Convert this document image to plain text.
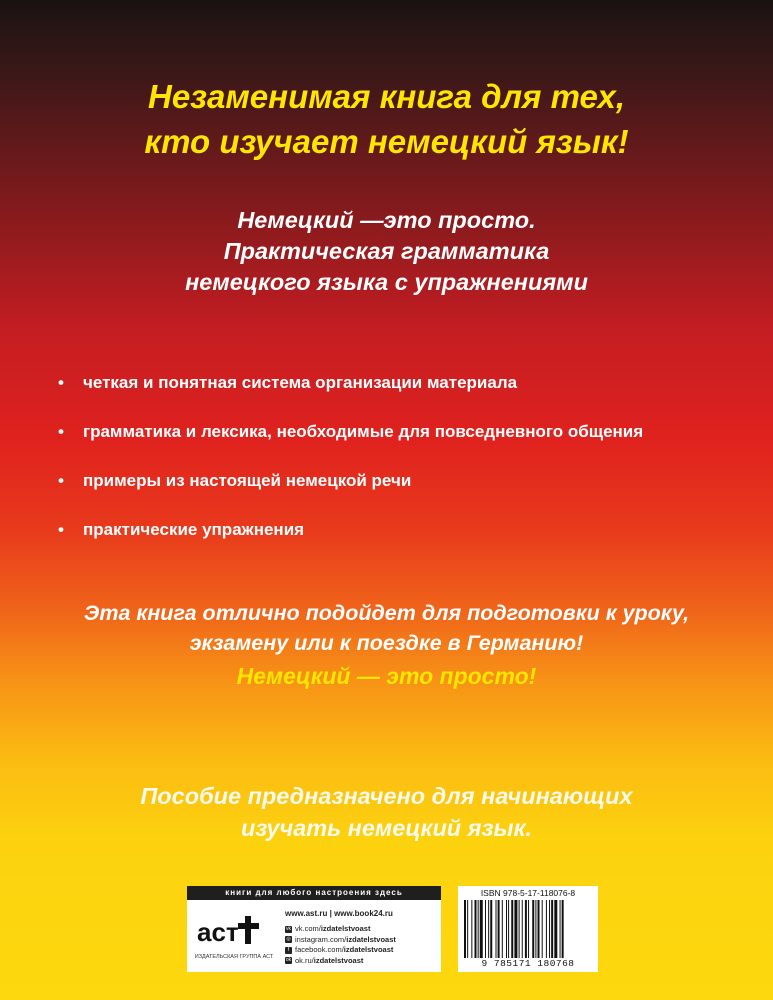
Незаменимая книга для тех,
кто изучает немецкий язык!
Немецкий —это просто.
Практическая грамматика
немецкого языка с упражнениями
• четкая и понятная система организации материала
• грамматика и лексика, необходимые для повседневного общения
• примеры из настоящей немецкой речи
• практические упражнения
Эта книга отлично подойдет для подготовки к уроку,
экзамену или к поездке в Германию!
Немецкий — это просто!
Пособие предназначено для начинающих
изучать немецкий язык.
книги для любого настроения здесь
аст
ИЗДАТЕЛЬСКАЯ ГРУППА АСТ
www.ast.ru | www.book24.ru
vk vk.com/ izdatelstvoast
◎ instagram.com/ izdatelstvoast
f facebook.com/ izdatelstvoast
ok ok.ru/ izdatelstvoast
ISBN 978-5-17-118076-8
9 785171 180768
